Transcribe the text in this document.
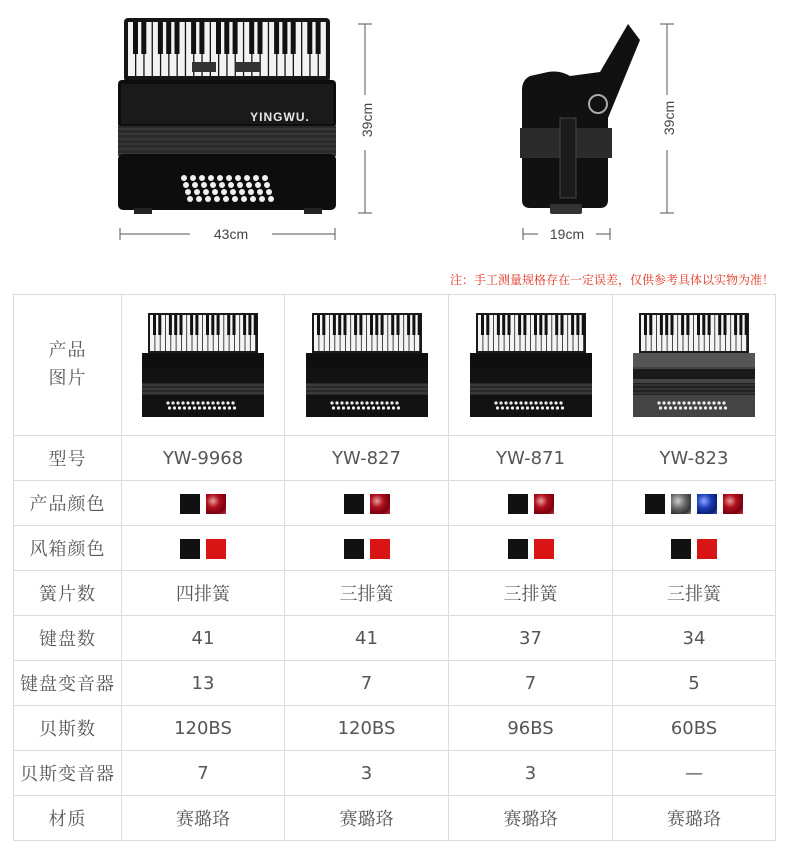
YINGWU.	39cm
43cm
39cm
19cm
注：手工测量规格存在一定误差，仅供参考具体以实物为准！
产品
图片	

型号	YW-9968	YW-827	YW-871	YW-823
产品颜色				
风箱颜色				
簧片数	四排簧	三排簧	三排簧	三排簧
键盘数	41	41	37	34
键盘变音器	13	7	7	5
贝斯数	120BS	120BS	96BS	60BS
贝斯变音器	7	3	3	—
材质	赛璐珞	赛璐珞	赛璐珞	赛璐珞
